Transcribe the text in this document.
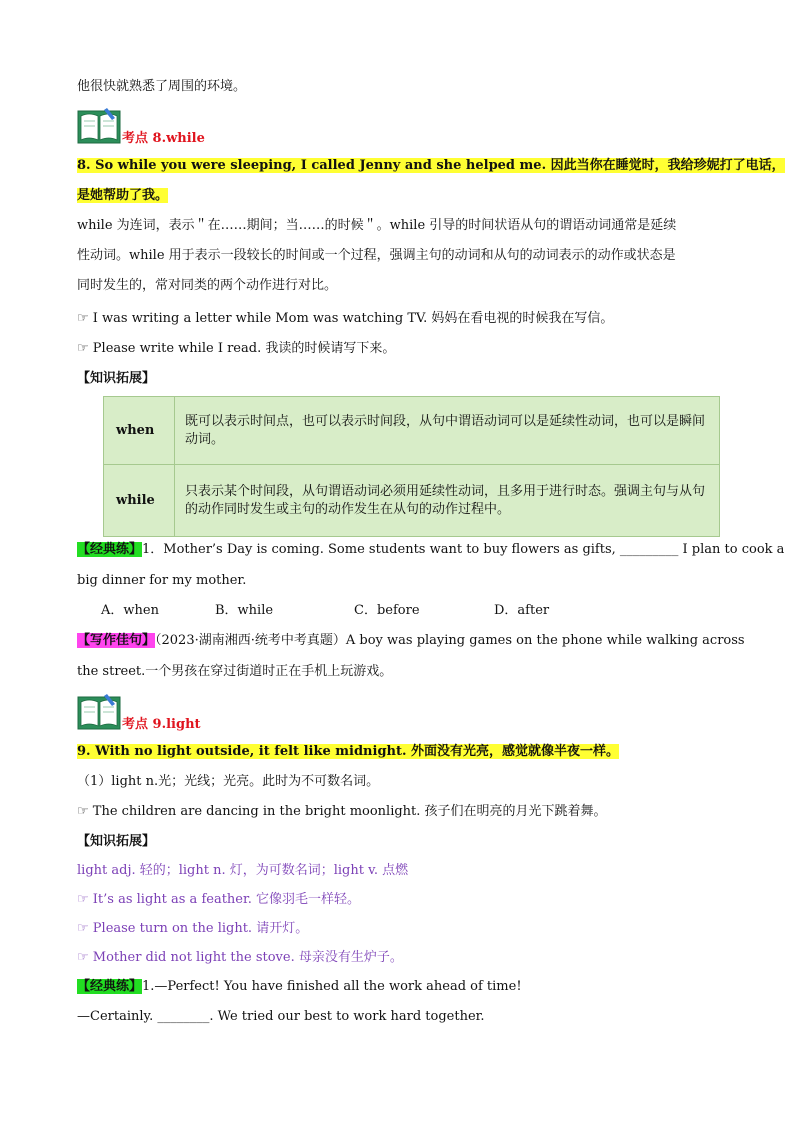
他很快就熟悉了周围的环境。
考点 8.while
8. So while you were sleeping, I called Jenny and she helped me. 因此当你在睡觉时，我给珍妮打了电话，
是她帮助了我。
while 为连词，表示＂在……期间；当……的时候＂。while 引导的时间状语从句的谓语动词通常是延续
性动词。while 用于表示一段较长的时间或一个过程，强调主句的动词和从句的动词表示的动作或状态是
同时发生的，常对同类的两个动作进行对比。
☞ I was writing a letter while Mom was watching TV. 妈妈在看电视的时候我在写信。
☞ Please write while I read. 我读的时候请写下来。
【知识拓展】
when	既可以表示时间点，也可以表示时间段，从句中谓语动词可以是延续性动词，也可以是瞬间动词。
while	只表示某个时间段，从句谓语动词必须用延续性动词，且多用于进行时态。强调主句与从句的动作同时发生或主句的动作发生在从句的动作过程中。
【经典练】1．Mother’s Day is coming. Some students want to buy flowers as gifts, _________ I plan to cook a
big dinner for my mother.
A．when	B．while	C．before	D．after
【写作佳句】（2023·湖南湘西·统考中考真题）A boy was playing games on the phone while walking across
the street.一个男孩在穿过街道时正在手机上玩游戏。
考点 9.light
9. With no light outside, it felt like midnight. 外面没有光亮，感觉就像半夜一样。
（1）light n.光；光线；光亮。此时为不可数名词。
☞ The children are dancing in the bright moonlight. 孩子们在明亮的月光下跳着舞。
【知识拓展】
light adj. 轻的；light n. 灯，为可数名词；light v. 点燃
☞ It’s as light as a feather. 它像羽毛一样轻。
☞ Please turn on the light. 请开灯。
☞ Mother did not light the stove. 母亲没有生炉子。
【经典练】1.—Perfect! You have finished all the work ahead of time!
—Certainly. ________. We tried our best to work hard together.
